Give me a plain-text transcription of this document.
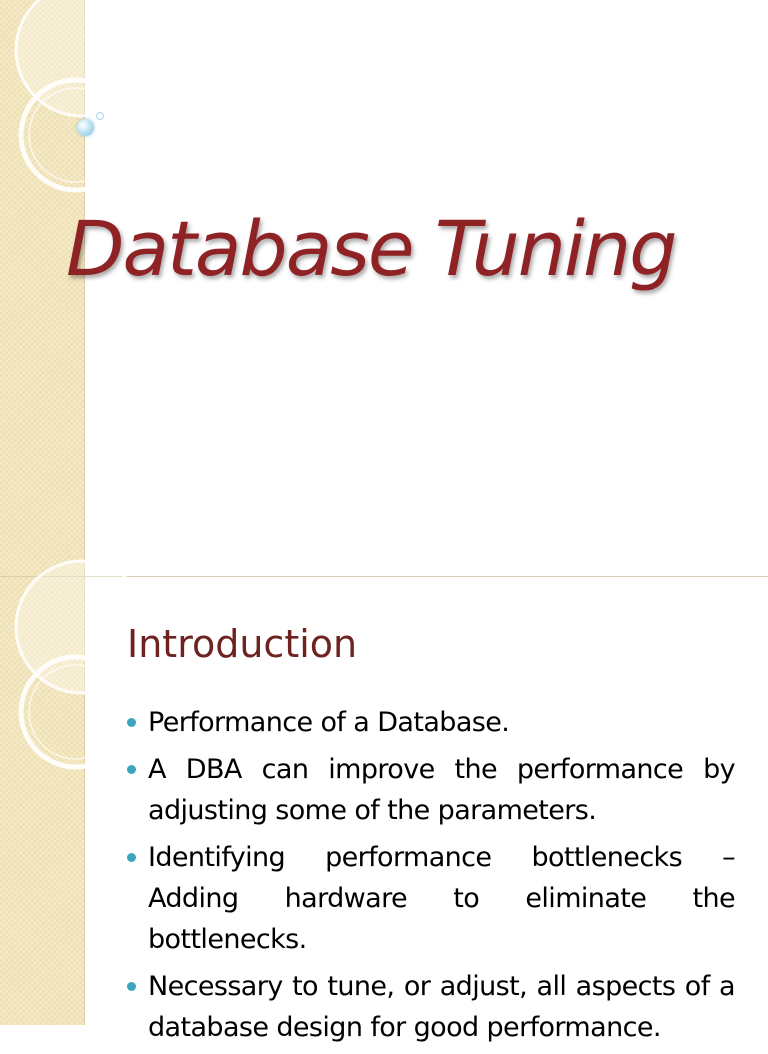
Database Tuning
Introduction
Performance of a Database.
A DBA can improve the performance by adjusting some of the parameters.
Identifying performance bottlenecks – Adding hardware to eliminate the bottlenecks.
Necessary to tune, or adjust, all aspects of a database design for good performance.
